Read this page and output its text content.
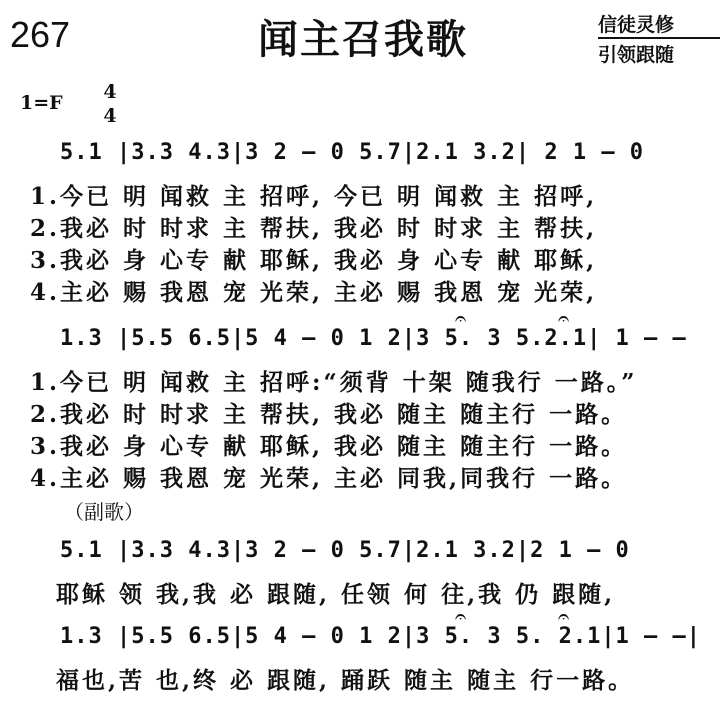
267	闻主召我歌	信徒灵修
引领跟随
1=F 4
4
5.1 |3.3 4.3|3 2 — 0 5.7|2.1 3.2| 2 1 — 0
1.今已 明 闻救 主 招呼, 今已 明 闻救 主 招呼,
2.我必 时 时求 主 帮扶, 我必 时 时求 主 帮扶,
3.我必 身 心专 献 耶稣, 我必 身 心专 献 耶稣,
4.主必 赐 我恩 宠 光荣, 主必 赐 我恩 宠 光荣,
𝄐	𝄐
1.3 |5.5 6.5|5 4 — 0 1 2|3 5. 3 5.2.1| 1 — —
1.今已 明 闻救 主 招呼:“须背 十架 随我行 一路。”
2.我必 时 时求 主 帮扶, 我必 随主 随主行 一路。
3.我必 身 心专 献 耶稣, 我必 随主 随主行 一路。
4.主必 赐 我恩 宠 光荣, 主必 同我,同我行 一路。
（副歌）
5.1 |3.3 4.3|3 2 — 0 5.7|2.1 3.2|2 1 — 0
耶稣 领 我,我 必 跟随, 任领 何 往,我 仍 跟随,
𝄐	𝄐
1.3 |5.5 6.5|5 4 — 0 1 2|3 5. 3 5. 2.1|1 — —|
福也,苦 也,终 必 跟随, 踊跃 随主 随主 行一路。
